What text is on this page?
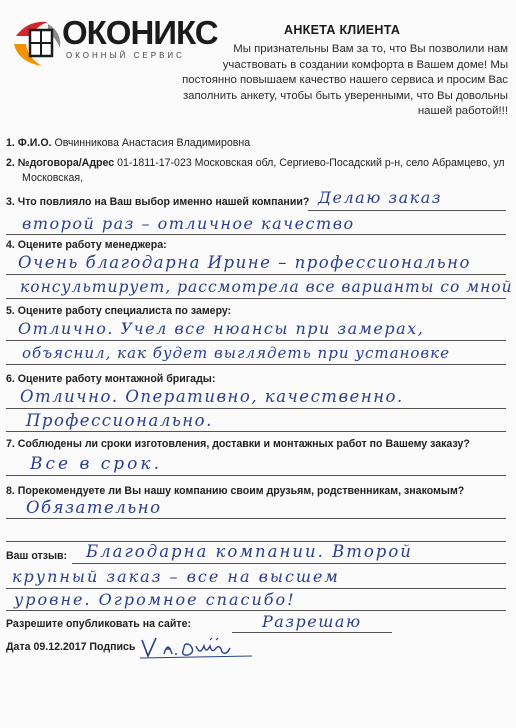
ОКОНИКС
ОКОННЫЙ СЕРВИС
АНКЕТА КЛИЕНТА
Мы признательны Вам за то, что Вы позволили нам участвовать в создании комфорта в Вашем доме! Мы постоянно повышаем качество нашего сервиса и просим Вас заполнить анкету, чтобы быть уверенными, что Вы довольны нашей работой!!!
1. Ф.И.О. Овчинникова Анастасия Владимировна
2. №договора/Адрес 01-1811-17-023 Московская обл, Сергиево-Посадский р-н, село Абрамцево, ул
Московская,
3. Что повлияло на Ваш выбор именно нашей компании? Делаю заказ
второй раз – отличное качество
4. Оцените работу менеджера:
Очень благодарна Ирине – профессионально
консультирует, рассмотрела все варианты со мной
5. Оцените работу специалиста по замеру:
Отлично. Учел все нюансы при замерах,
объяснил, как будет выглядеть при установке
6. Оцените работу монтажной бригады:
Отлично. Оперативно, качественно.
Профессионально.
7. Соблюдены ли сроки изготовления, доставки и монтажных работ по Вашему заказу?
Все в срок.
8. Порекомендуете ли Вы нашу компанию своим друзьям, родственникам, знакомым?
Обязательно
Ваш отзыв: Благодарна компании. Второй
крупный заказ – все на высшем
уровне. Огромное спасибо!
Разрешите опубликовать на сайте:	Разрешаю
Дата 09.12.2017 Подпись
